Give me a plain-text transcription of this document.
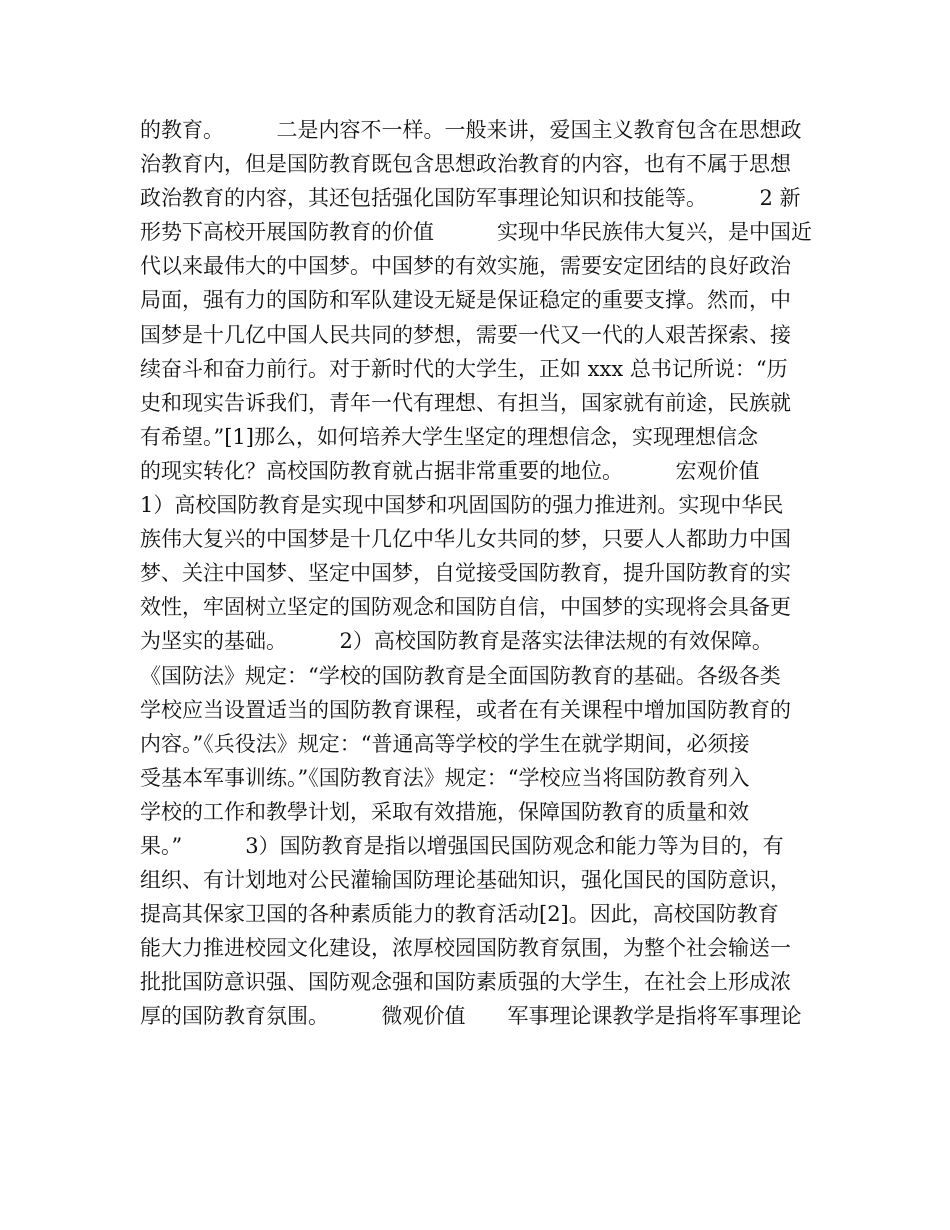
的教育。　　　二是内容不一样。一般来讲，爱国主义教育包含在思想政
治教育内，但是国防教育既包含思想政治教育的内容，也有不属于思想
政治教育的内容，其还包括强化国防军事理论知识和技能等。　　　2 新
形势下高校开展国防教育的价值　　　实现中华民族伟大复兴，是中国近
代以来最伟大的中国梦。中国梦的有效实施，需要安定团结的良好政治
局面，强有力的国防和军队建设无疑是保证稳定的重要支撑。然而，中
国梦是十几亿中国人民共同的梦想，需要一代又一代的人艰苦探索、接
续奋斗和奋力前行。对于新时代的大学生，正如 xxx 总书记所说：“历
史和现实告诉我们，青年一代有理想、有担当，国家就有前途，民族就
有希望。”[1]那么，如何培养大学生坚定的理想信念，实现理想信念
的现实转化？高校国防教育就占据非常重要的地位。　　　宏观价值
1）高校国防教育是实现中国梦和巩固国防的强力推进剂。实现中华民
族伟大复兴的中国梦是十几亿中华儿女共同的梦，只要人人都助力中国
梦、关注中国梦、坚定中国梦，自觉接受国防教育，提升国防教育的实
效性，牢固树立坚定的国防观念和国防自信，中国梦的实现将会具备更
为坚实的基础。　　　2）高校国防教育是落实法律法规的有效保障。
《国防法》规定：“学校的国防教育是全面国防教育的基础。各级各类
学校应当设置适当的国防教育课程，或者在有关课程中增加国防教育的
内容。”《兵役法》规定：“普通高等学校的学生在就学期间，必须接
受基本军事训练。”《国防教育法》规定：“学校应当将国防教育列入
学校的工作和教學计划，采取有效措施，保障国防教育的质量和效
果。”　　　3）国防教育是指以增强国民国防观念和能力等为目的，有
组织、有计划地对公民灌输国防理论基础知识，强化国民的国防意识，
提高其保家卫国的各种素质能力的教育活动[2]。因此，高校国防教育
能大力推进校园文化建设，浓厚校园国防教育氛围，为整个社会输送一
批批国防意识强、国防观念强和国防素质强的大学生，在社会上形成浓
厚的国防教育氛围。　　　微观价值　　军事理论课教学是指将军事理论
